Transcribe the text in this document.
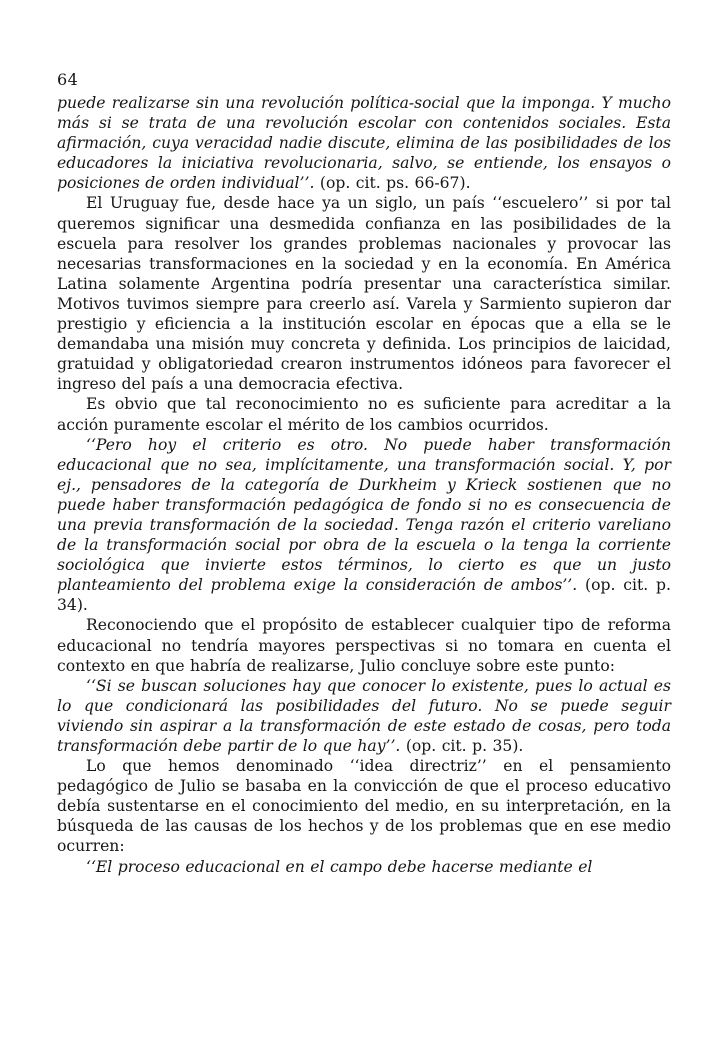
64

puede realizarse sin una revolución política-social que la imponga. Y mucho más si se trata de una revolución escolar con contenidos sociales. Esta afirmación, cuya veracidad nadie discute, elimina de las posibilidades de los educadores la iniciativa revolucionaria, salvo, se entiende, los ensayos o posiciones de orden individual’’. (op. cit. ps. 66-67).

El Uruguay fue, desde hace ya un siglo, un país ‘‘escuelero’’ si por tal queremos significar una desmedida confianza en las posibilidades de la escuela para resolver los grandes problemas nacionales y provocar las necesarias transformaciones en la sociedad y en la economía. En América Latina solamente Argentina podría presentar una característica similar. Motivos tuvimos siempre para creerlo así. Varela y Sarmiento supieron dar prestigio y eficiencia a la institución escolar en épocas que a ella se le demandaba una misión muy concreta y definida. Los principios de laicidad, gratuidad y obligatoriedad crearon instrumentos idóneos para favorecer el ingreso del país a una democracia efectiva.

Es obvio que tal reconocimiento no es suficiente para acreditar a la acción puramente escolar el mérito de los cambios ocurridos.

‘‘Pero hoy el criterio es otro. No puede haber transformación educacional que no sea, implícitamente, una transformación social. Y, por ej., pensadores de la categoría de Durkheim y Krieck sostienen que no puede haber transformación pedagógica de fondo si no es consecuencia de una previa transformación de la sociedad. Tenga razón el criterio vareliano de la transformación social por obra de la escuela o la tenga la corriente sociológica que invierte estos términos, lo cierto es que un justo planteamiento del problema exige la consideración de ambos’’. (op. cit. p. 34).

Reconociendo que el propósito de establecer cualquier tipo de reforma educacional no tendría mayores perspectivas si no tomara en cuenta el contexto en que habría de realizarse, Julio concluye sobre este punto:

‘‘Si se buscan soluciones hay que conocer lo existente, pues lo actual es lo que condicionará las posibilidades del futuro. No se puede seguir viviendo sin aspirar a la transformación de este estado de cosas, pero toda transformación debe partir de lo que hay’’. (op. cit. p. 35).

Lo que hemos denominado ‘‘idea directriz’’ en el pensamiento pedagógico de Julio se basaba en la convicción de que el proceso educativo debía sustentarse en el conocimiento del medio, en su interpretación, en la búsqueda de las causas de los hechos y de los problemas que en ese medio ocurren:

‘‘El proceso educacional en el campo debe hacerse mediante el
